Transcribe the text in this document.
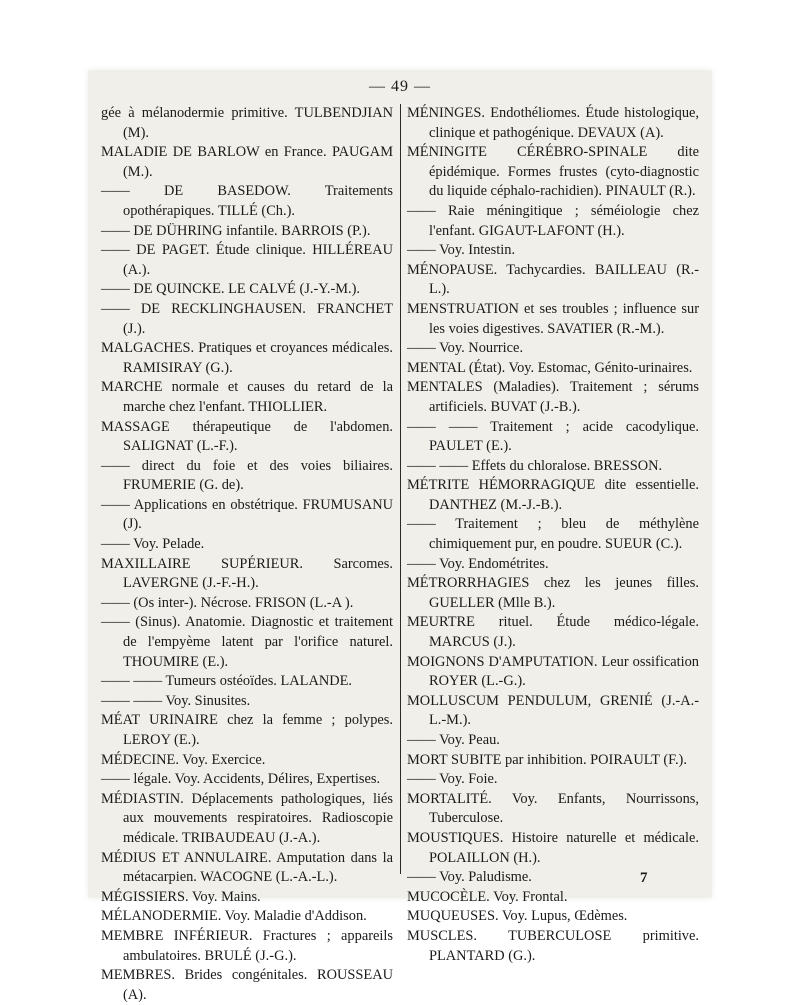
— 49 —

gée à mélanodermie primitive. TULBENDJIAN (M).

MALADIE DE BARLOW en France. PAUGAM (M.).

—— DE BASEDOW. Traitements opothérapiques. TILLÉ (Ch.).

—— DE DÜHRING infantile. BARROIS (P.).

—— DE PAGET. Étude clinique. HILLÉREAU (A.).

—— DE QUINCKE. LE CALVÉ (J.-Y.-M.).

—— DE RECKLINGHAUSEN. FRANCHET (J.).

MALGACHES. Pratiques et croyances médicales. RAMISIRAY (G.).

MARCHE normale et causes du retard de la marche chez l'enfant. THIOLLIER.

MASSAGE thérapeutique de l'abdomen. SALIGNAT (L.-F.).

—— direct du foie et des voies biliaires. FRUMERIE (G. de).

—— Applications en obstétrique. FRUMUSANU (J).

—— Voy. Pelade.

MAXILLAIRE SUPÉRIEUR. Sarcomes. LAVERGNE (J.-F.-H.).

—— (Os inter-). Nécrose. FRISON (L.-A ).

—— (Sinus). Anatomie. Diagnostic et traitement de l'empyème latent par l'orifice naturel. THOUMIRE (E.).

—— —— Tumeurs ostéoïdes. LALANDE.

—— —— Voy. Sinusites.

MÉAT URINAIRE chez la femme ; polypes. LEROY (E.).

MÉDECINE. Voy. Exercice.

—— légale. Voy. Accidents, Délires, Expertises.

MÉDIASTIN. Déplacements pathologiques, liés aux mouvements respiratoires. Radioscopie médicale. TRIBAUDEAU (J.-A.).

MÉDIUS ET ANNULAIRE. Amputation dans la métacarpien. WACOGNE (L.-A.-L.).

MÉGISSIERS. Voy. Mains.

MÉLANODERMIE. Voy. Maladie d'Addison.

MEMBRE INFÉRIEUR. Fractures ; appareils ambulatoires. BRULÉ (J.-G.).

MEMBRES. Brides congénitales. ROUSSEAU (A).

MÉNINGES. Endothéliomes. Étude histologique, clinique et pathogénique. DEVAUX (A).

MÉNINGITE CÉRÉBRO-SPINALE dite épidémique. Formes frustes (cyto-diagnostic du liquide céphalo-rachidien). PINAULT (R.).

—— Raie méningitique ; séméiologie chez l'enfant. GIGAUT-LAFONT (H.).

—— Voy. Intestin.

MÉNOPAUSE. Tachycardies. BAILLEAU (R.-L.).

MENSTRUATION et ses troubles ; influence sur les voies digestives. SAVATIER (R.-M.).

—— Voy. Nourrice.

MENTAL (État). Voy. Estomac, Génito-urinaires.

MENTALES (Maladies). Traitement ; sérums artificiels. BUVAT (J.-B.).

—— —— Traitement ; acide cacodylique. PAULET (E.).

—— —— Effets du chloralose. BRESSON.

MÉTRITE HÉMORRAGIQUE dite essentielle. DANTHEZ (M.-J.-B.).

—— Traitement ; bleu de méthylène chimiquement pur, en poudre. SUEUR (C.).

—— Voy. Endométrites.

MÉTRORRHAGIES chez les jeunes filles. GUELLER (Mlle B.).

MEURTRE rituel. Étude médico-légale. MARCUS (J.).

MOIGNONS D'AMPUTATION. Leur ossification ROYER (L.-G.).

MOLLUSCUM PENDULUM, GRENIÉ (J.-A.-L.-M.).

—— Voy. Peau.

MORT SUBITE par inhibition. POIRAULT (F.).

—— Voy. Foie.

MORTALITÉ. Voy. Enfants, Nourrissons, Tuberculose.

MOUSTIQUES. Histoire naturelle et médicale. POLAILLON (H.).

—— Voy. Paludisme.

MUCOCÈLE. Voy. Frontal.

MUQUEUSES. Voy. Lupus, Œdèmes.

MUSCLES. TUBERCULOSE primitive. PLANTARD (G.).

7
